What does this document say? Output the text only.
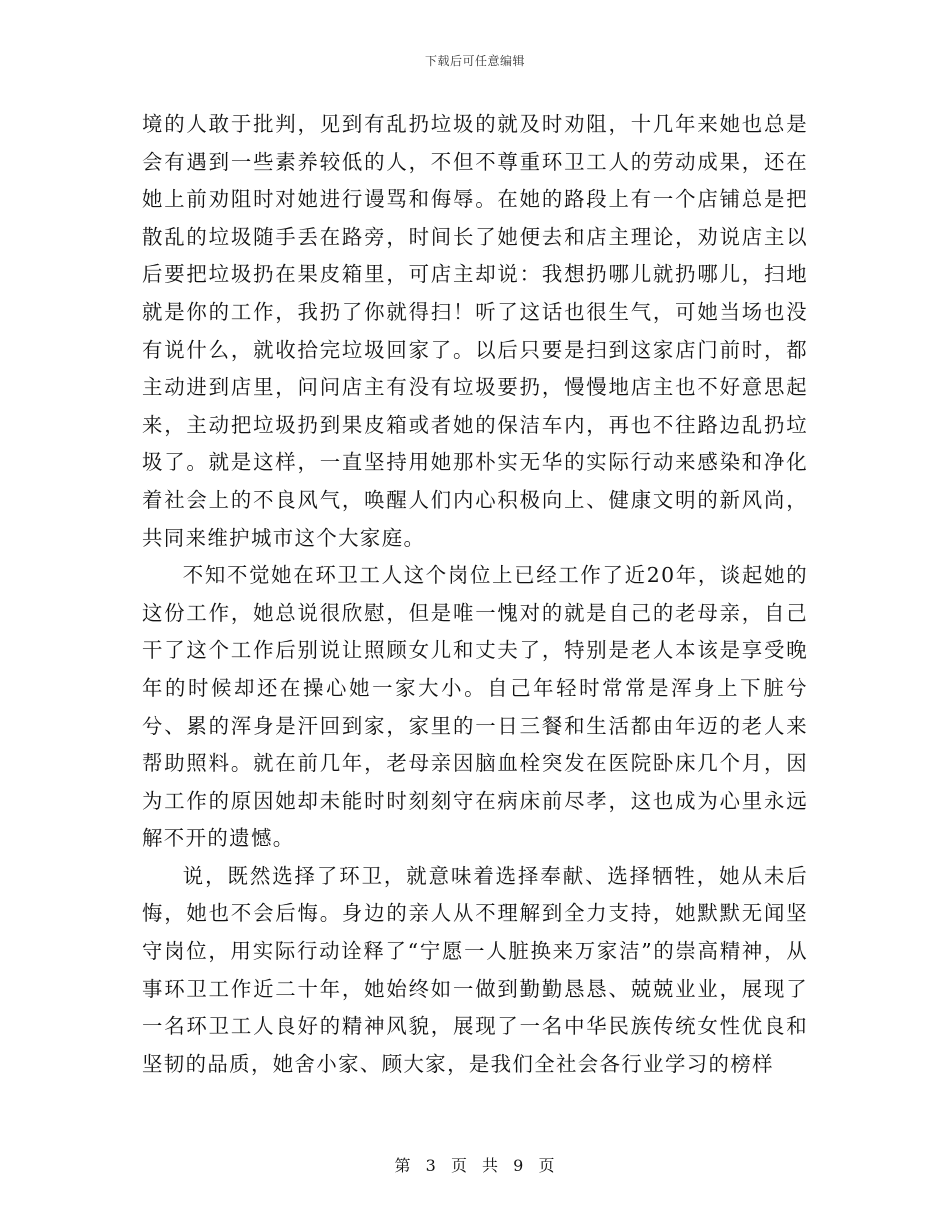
下载后可任意编辑

境的人敢于批判，见到有乱扔垃圾的就及时劝阻，十几年来她也总是会有遇到一些素养较低的人，不但不尊重环卫工人的劳动成果，还在她上前劝阻时对她进行谩骂和侮辱。在她的路段上有一个店铺总是把散乱的垃圾随手丢在路旁，时间长了她便去和店主理论，劝说店主以后要把垃圾扔在果皮箱里，可店主却说：我想扔哪儿就扔哪儿，扫地就是你的工作，我扔了你就得扫！听了这话也很生气，可她当场也没有说什么，就收拾完垃圾回家了。以后只要是扫到这家店门前时，都主动进到店里，问问店主有没有垃圾要扔，慢慢地店主也不好意思起来，主动把垃圾扔到果皮箱或者她的保洁车内，再也不往路边乱扔垃圾了。就是这样，一直坚持用她那朴实无华的实际行动来感染和净化着社会上的不良风气，唤醒人们内心积极向上、健康文明的新风尚，共同来维护城市这个大家庭。

不知不觉她在环卫工人这个岗位上已经工作了近20年，谈起她的这份工作，她总说很欣慰，但是唯一愧对的就是自己的老母亲，自己干了这个工作后别说让照顾女儿和丈夫了，特别是老人本该是享受晚年的时候却还在操心她一家大小。自己年轻时常常是浑身上下脏兮兮、累的浑身是汗回到家，家里的一日三餐和生活都由年迈的老人来帮助照料。就在前几年，老母亲因脑血栓突发在医院卧床几个月，因为工作的原因她却未能时时刻刻守在病床前尽孝，这也成为心里永远解不开的遗憾。

说，既然选择了环卫，就意味着选择奉献、选择牺牲，她从未后悔，她也不会后悔。身边的亲人从不理解到全力支持，她默默无闻坚守岗位，用实际行动诠释了“宁愿一人脏换来万家洁”的崇高精神，从事环卫工作近二十年，她始终如一做到勤勤恳恳、兢兢业业，展现了一名环卫工人良好的精神风貌，展现了一名中华民族传统女性优良和坚韧的品质，她舍小家、顾大家，是我们全社会各行业学习的榜样

第 3 页 共 9 页
